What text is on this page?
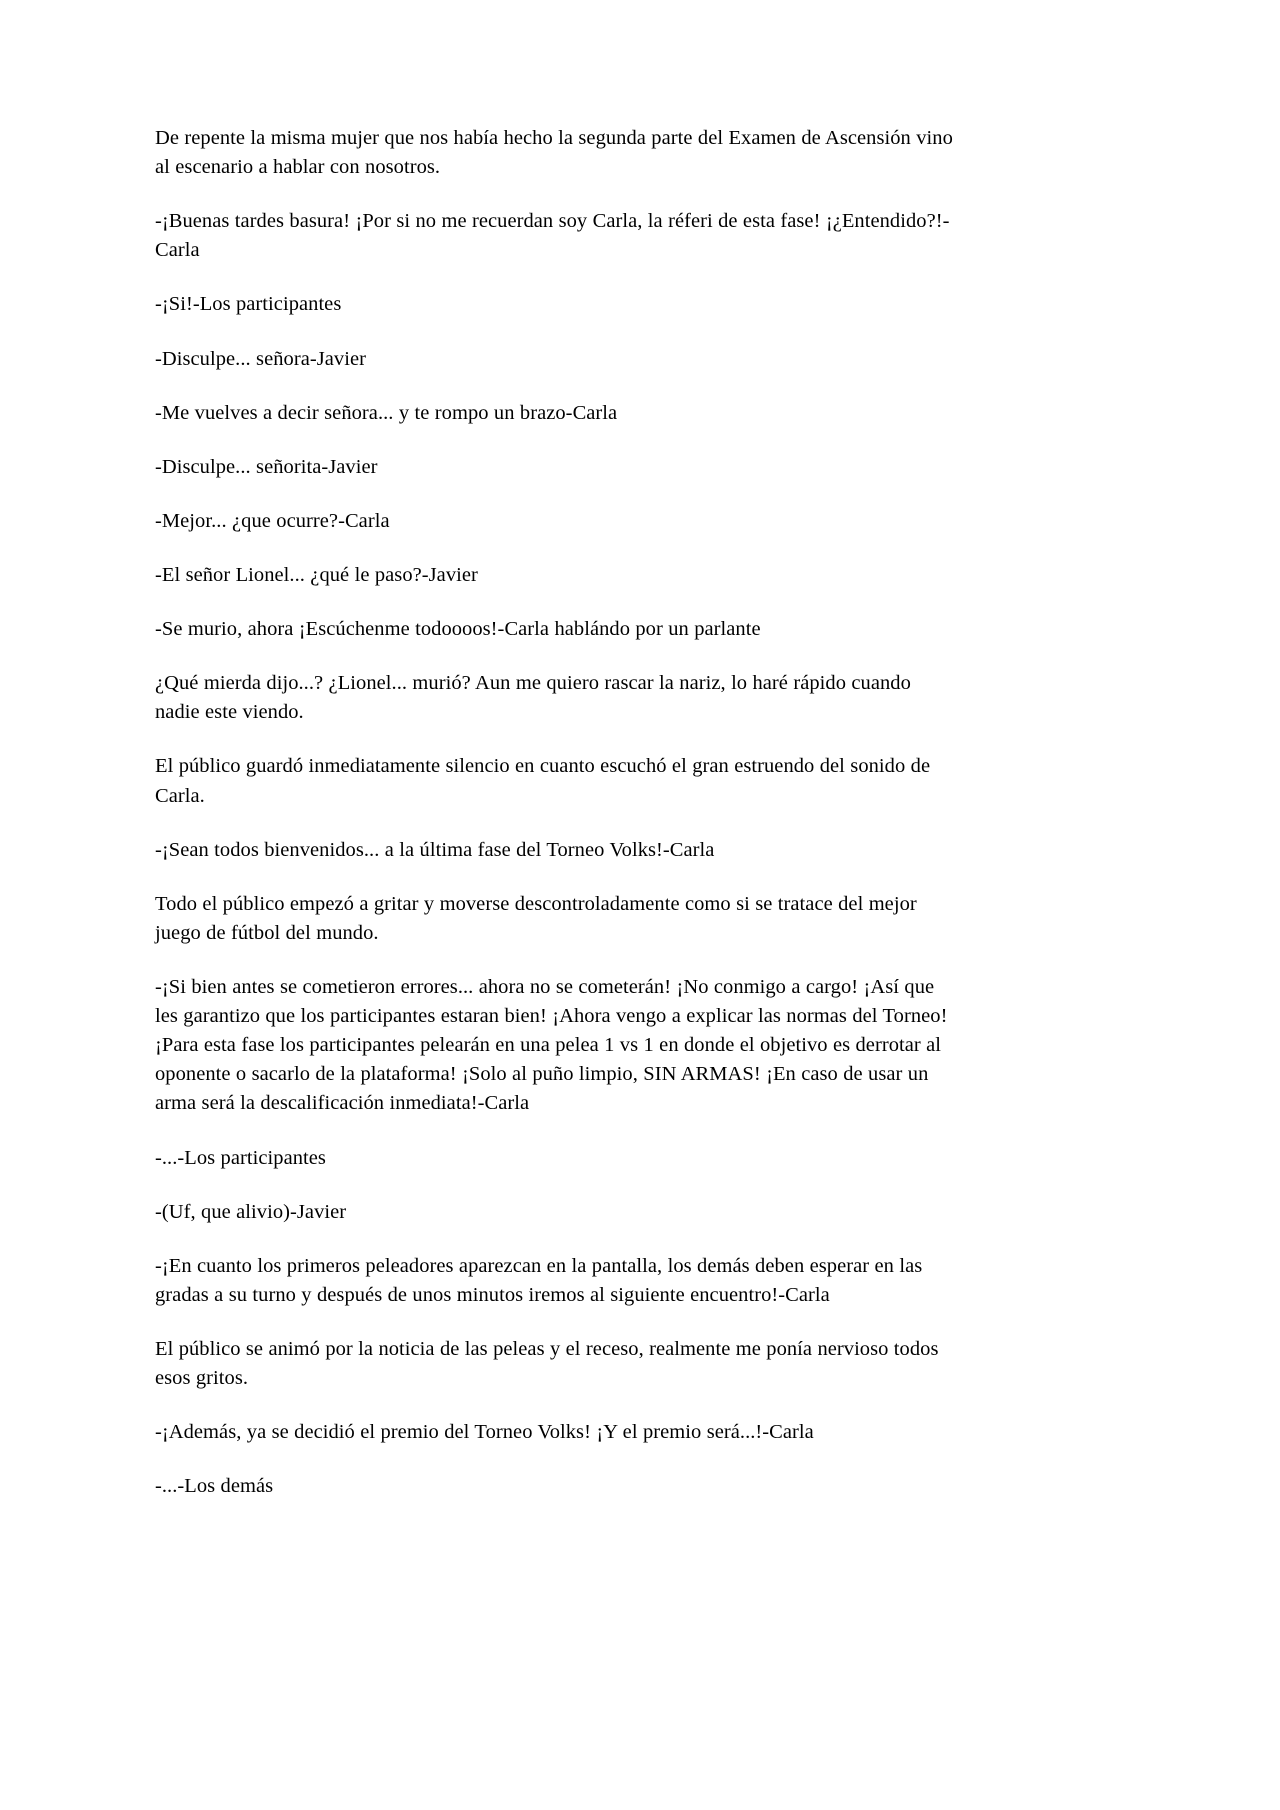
De repente la misma mujer que nos había hecho la segunda parte del Examen de Ascensión vino al escenario a hablar con nosotros.

-¡Buenas tardes basura! ¡Por si no me recuerdan soy Carla, la réferi de esta fase! ¡¿Entendido?!-Carla

-¡Si!-Los participantes

-Disculpe... señora-Javier

-Me vuelves a decir señora... y te rompo un brazo-Carla

-Disculpe... señorita-Javier

-Mejor... ¿que ocurre?-Carla

-El señor Lionel... ¿qué le paso?-Javier

-Se murio, ahora ¡Escúchenme todoooos!-Carla hablándo por un parlante

¿Qué mierda dijo...? ¿Lionel... murió? Aun me quiero rascar la nariz, lo haré rápido cuando nadie este viendo.

El público guardó inmediatamente silencio en cuanto escuchó el gran estruendo del sonido de Carla.

-¡Sean todos bienvenidos... a la última fase del Torneo Volks!-Carla

Todo el público empezó a gritar y moverse descontroladamente como si se tratace del mejor juego de fútbol del mundo.

-¡Si bien antes se cometieron errores... ahora no se cometerán! ¡No conmigo a cargo! ¡Así que les garantizo que los participantes estaran bien! ¡Ahora vengo a explicar las normas del Torneo! ¡Para esta fase los participantes pelearán en una pelea 1 vs 1 en donde el objetivo es derrotar al oponente o sacarlo de la plataforma! ¡Solo al puño limpio, SIN ARMAS! ¡En caso de usar un arma será la descalificación inmediata!-Carla

-...-Los participantes

-(Uf, que alivio)-Javier

-¡En cuanto los primeros peleadores aparezcan en la pantalla, los demás deben esperar en las gradas a su turno y después de unos minutos iremos al siguiente encuentro!-Carla

El público se animó por la noticia de las peleas y el receso, realmente me ponía nervioso todos esos gritos.

-¡Además, ya se decidió el premio del Torneo Volks! ¡Y el premio será...!-Carla

-...-Los demás
